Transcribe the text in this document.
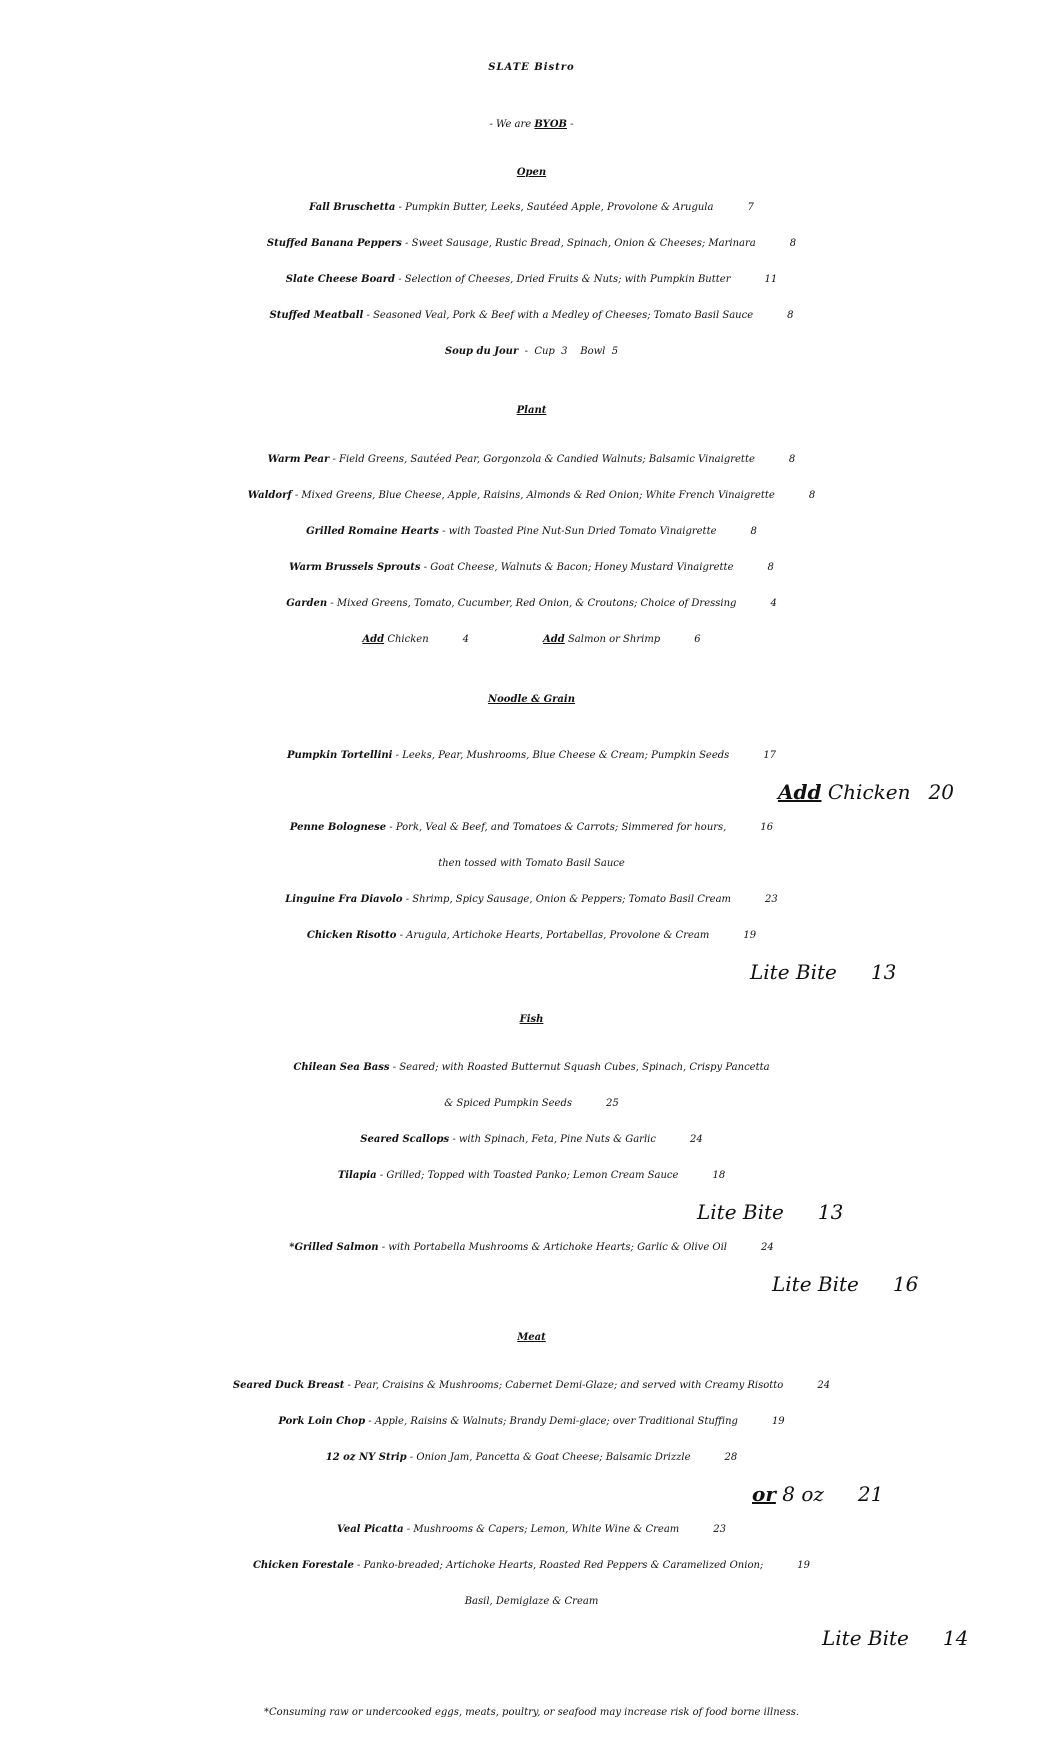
SLATE Bistro
- We are BYOB -
Open
Fall Bruschetta - Pumpkin Butter, Leeks, Sautéed Apple, Provolone & Arugula	7
Stuffed Banana Peppers - Sweet Sausage, Rustic Bread, Spinach, Onion & Cheeses; Marinara	8
Slate Cheese Board - Selection of Cheeses, Dried Fruits & Nuts; with Pumpkin Butter	11
Stuffed Meatball - Seasoned Veal, Pork & Beef with a Medley of Cheeses; Tomato Basil Sauce	8
Soup du Jour  -  Cup  3    Bowl  5
Plant
Warm Pear - Field Greens, Sautéed Pear, Gorgonzola & Candied Walnuts; Balsamic Vinaigrette	8
Waldorf - Mixed Greens, Blue Cheese, Apple, Raisins, Almonds & Red Onion; White French Vinaigrette	8
Grilled Romaine Hearts - with Toasted Pine Nut-Sun Dried Tomato Vinaigrette	8
Warm Brussels Sprouts - Goat Cheese, Walnuts & Bacon; Honey Mustard Vinaigrette	8
Garden - Mixed Greens, Tomato, Cucumber, Red Onion, & Croutons; Choice of Dressing	4
Add Chicken	4	Add Salmon or Shrimp	6
Noodle & Grain
Pumpkin Tortellini - Leeks, Pear, Mushrooms, Blue Cheese & Cream; Pumpkin Seeds	17
Add Chicken 20
Penne Bolognese - Pork, Veal & Beef, and Tomatoes & Carrots; Simmered for hours,	16
then tossed with Tomato Basil Sauce
Linguine Fra Diavolo - Shrimp, Spicy Sausage, Onion & Peppers; Tomato Basil Cream	23
Chicken Risotto - Arugula, Artichoke Hearts, Portabellas, Provolone & Cream	19
Lite Bite 13
Fish
Chilean Sea Bass - Seared; with Roasted Butternut Squash Cubes, Spinach, Crispy Pancetta
& Spiced Pumpkin Seeds	25
Seared Scallops - with Spinach, Feta, Pine Nuts & Garlic	24
Tilapia - Grilled; Topped with Toasted Panko; Lemon Cream Sauce	18
Lite Bite 13
*Grilled Salmon - with Portabella Mushrooms & Artichoke Hearts; Garlic & Olive Oil	24
Lite Bite 16
Meat
Seared Duck Breast - Pear, Craisins & Mushrooms; Cabernet Demi-Glaze; and served with Creamy Risotto	24
Pork Loin Chop - Apple, Raisins & Walnuts; Brandy Demi-glace; over Traditional Stuffing	19
12 oz NY Strip - Onion Jam, Pancetta & Goat Cheese; Balsamic Drizzle	28
or 8 oz 21
Veal Picatta - Mushrooms & Capers; Lemon, White Wine & Cream	23
Chicken Forestale - Panko-breaded; Artichoke Hearts, Roasted Red Peppers & Caramelized Onion;	19
Basil, Demiglaze & Cream
Lite Bite 14
*Consuming raw or undercooked eggs, meats, poultry, or seafood may increase risk of food borne illness.
